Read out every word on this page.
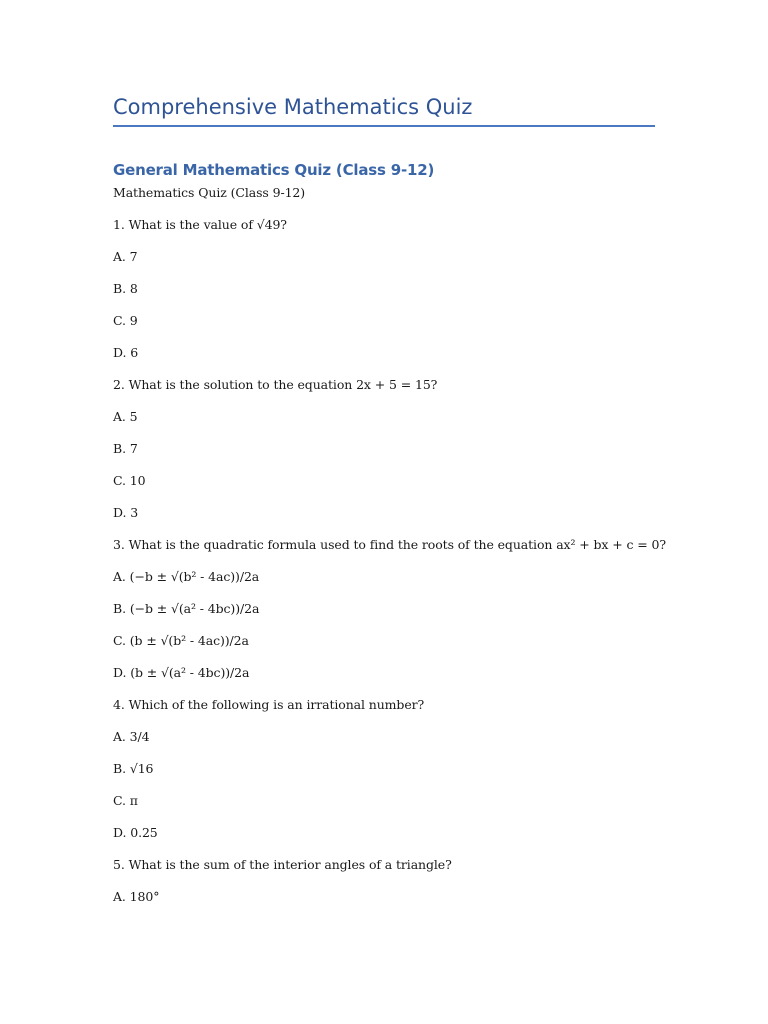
Comprehensive Mathematics Quiz
General Mathematics Quiz (Class 9-12)

Mathematics Quiz (Class 9-12)

1. What is the value of √49?

A. 7

B. 8

C. 9

D. 6

2. What is the solution to the equation 2x + 5 = 15?

A. 5

B. 7

C. 10

D. 3

3. What is the quadratic formula used to find the roots of the equation ax² + bx + c = 0?

A. (−b ± √(b² - 4ac))/2a

B. (−b ± √(a² - 4bc))/2a

C. (b ± √(b² - 4ac))/2a

D. (b ± √(a² - 4bc))/2a

4. Which of the following is an irrational number?

A. 3/4

B. √16

C. π

D. 0.25

5. What is the sum of the interior angles of a triangle?

A. 180°
